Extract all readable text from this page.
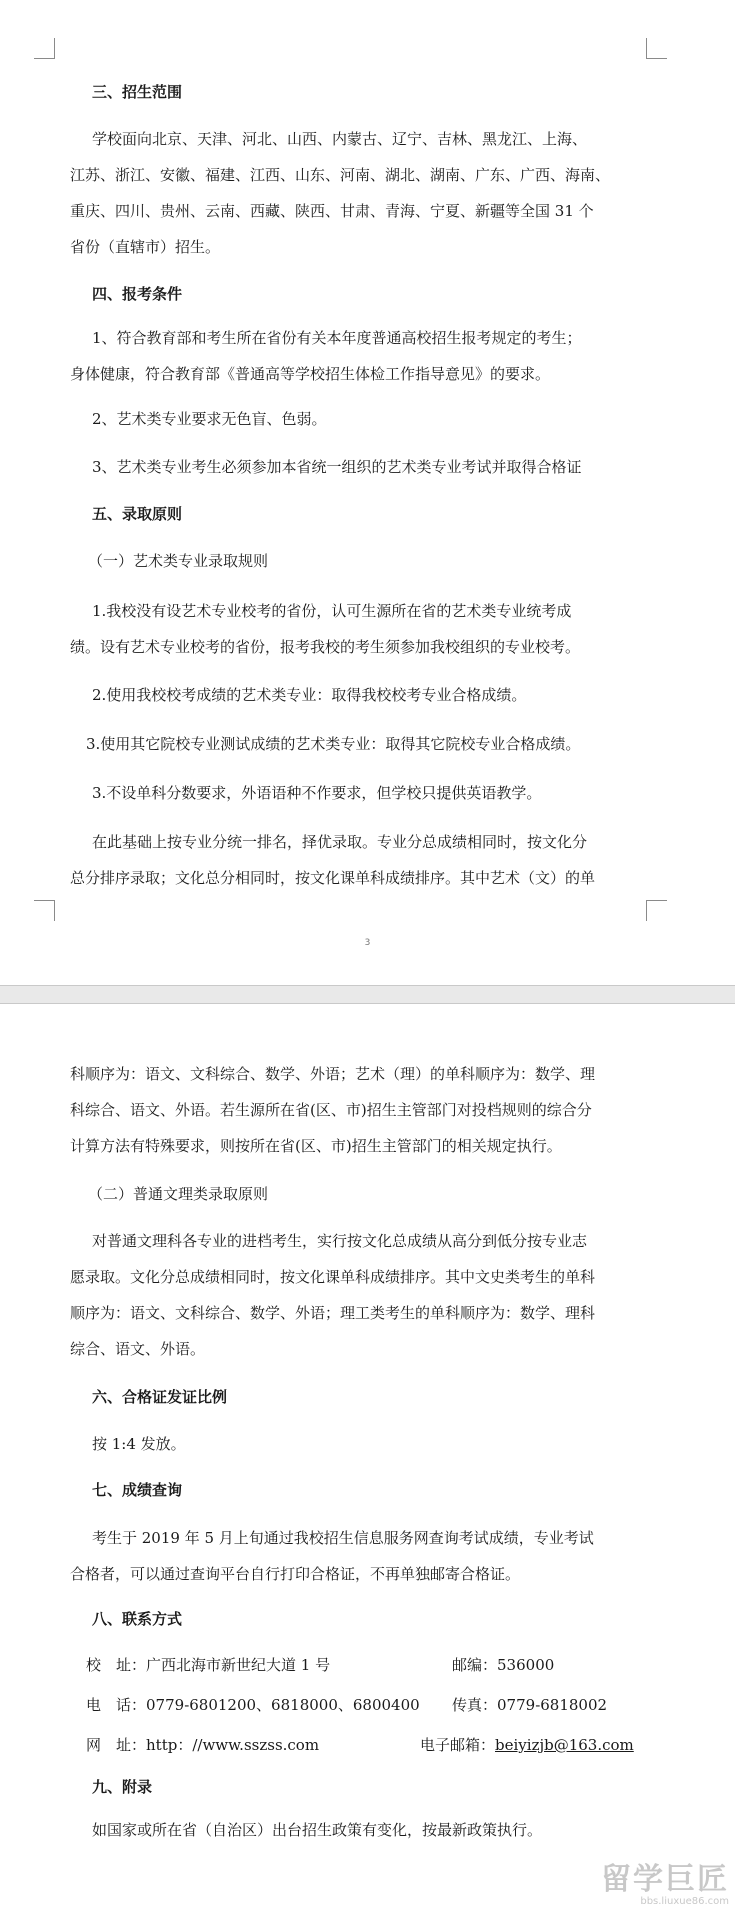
三、招生范围
学校面向北京、天津、河北、山西、内蒙古、辽宁、吉林、黑龙江、上海、
江苏、浙江、安徽、福建、江西、山东、河南、湖北、湖南、广东、广西、海南、
重庆、四川、贵州、云南、西藏、陕西、甘肃、青海、宁夏、新疆等全国 31 个
省份（直辖市）招生。
四、报考条件
1、符合教育部和考生所在省份有关本年度普通高校招生报考规定的考生；
身体健康，符合教育部《普通高等学校招生体检工作指导意见》的要求。
2、艺术类专业要求无色盲、色弱。
3、艺术类专业考生必须参加本省统一组织的艺术类专业考试并取得合格证
五、录取原则
（一）艺术类专业录取规则
1.我校没有设艺术专业校考的省份，认可生源所在省的艺术类专业统考成
绩。设有艺术专业校考的省份，报考我校的考生须参加我校组织的专业校考。
2.使用我校校考成绩的艺术类专业：取得我校校考专业合格成绩。
3.使用其它院校专业测试成绩的艺术类专业：取得其它院校专业合格成绩。
3.不设单科分数要求，外语语种不作要求，但学校只提供英语教学。
在此基础上按专业分统一排名，择优录取。专业分总成绩相同时，按文化分
总分排序录取；文化总分相同时，按文化课单科成绩排序。其中艺术（文）的单
3
科顺序为：语文、文科综合、数学、外语；艺术（理）的单科顺序为：数学、理
科综合、语文、外语。若生源所在省(区、市)招生主管部门对投档规则的综合分
计算方法有特殊要求，则按所在省(区、市)招生主管部门的相关规定执行。
（二）普通文理类录取原则
对普通文理科各专业的进档考生，实行按文化总成绩从高分到低分按专业志
愿录取。文化分总成绩相同时，按文化课单科成绩排序。其中文史类考生的单科
顺序为：语文、文科综合、数学、外语；理工类考生的单科顺序为：数学、理科
综合、语文、外语。
六、合格证发证比例
按 1:4 发放。
七、成绩查询
考生于 2019 年 5 月上旬通过我校招生信息服务网查询考试成绩，专业考试
合格者，可以通过查询平台自行打印合格证，不再单独邮寄合格证。
八、联系方式
校　址：广西北海市新世纪大道 1 号	邮编：536000
电　话：0779-6801200、6818000、6800400 传真：0779-6818002
网　址：http：//www.sszss.com	电子邮箱：beiyizjb@163.com
九、附录
如国家或所在省（自治区）出台招生政策有变化，按最新政策执行。
留学巨匠
bbs.liuxue86.com
